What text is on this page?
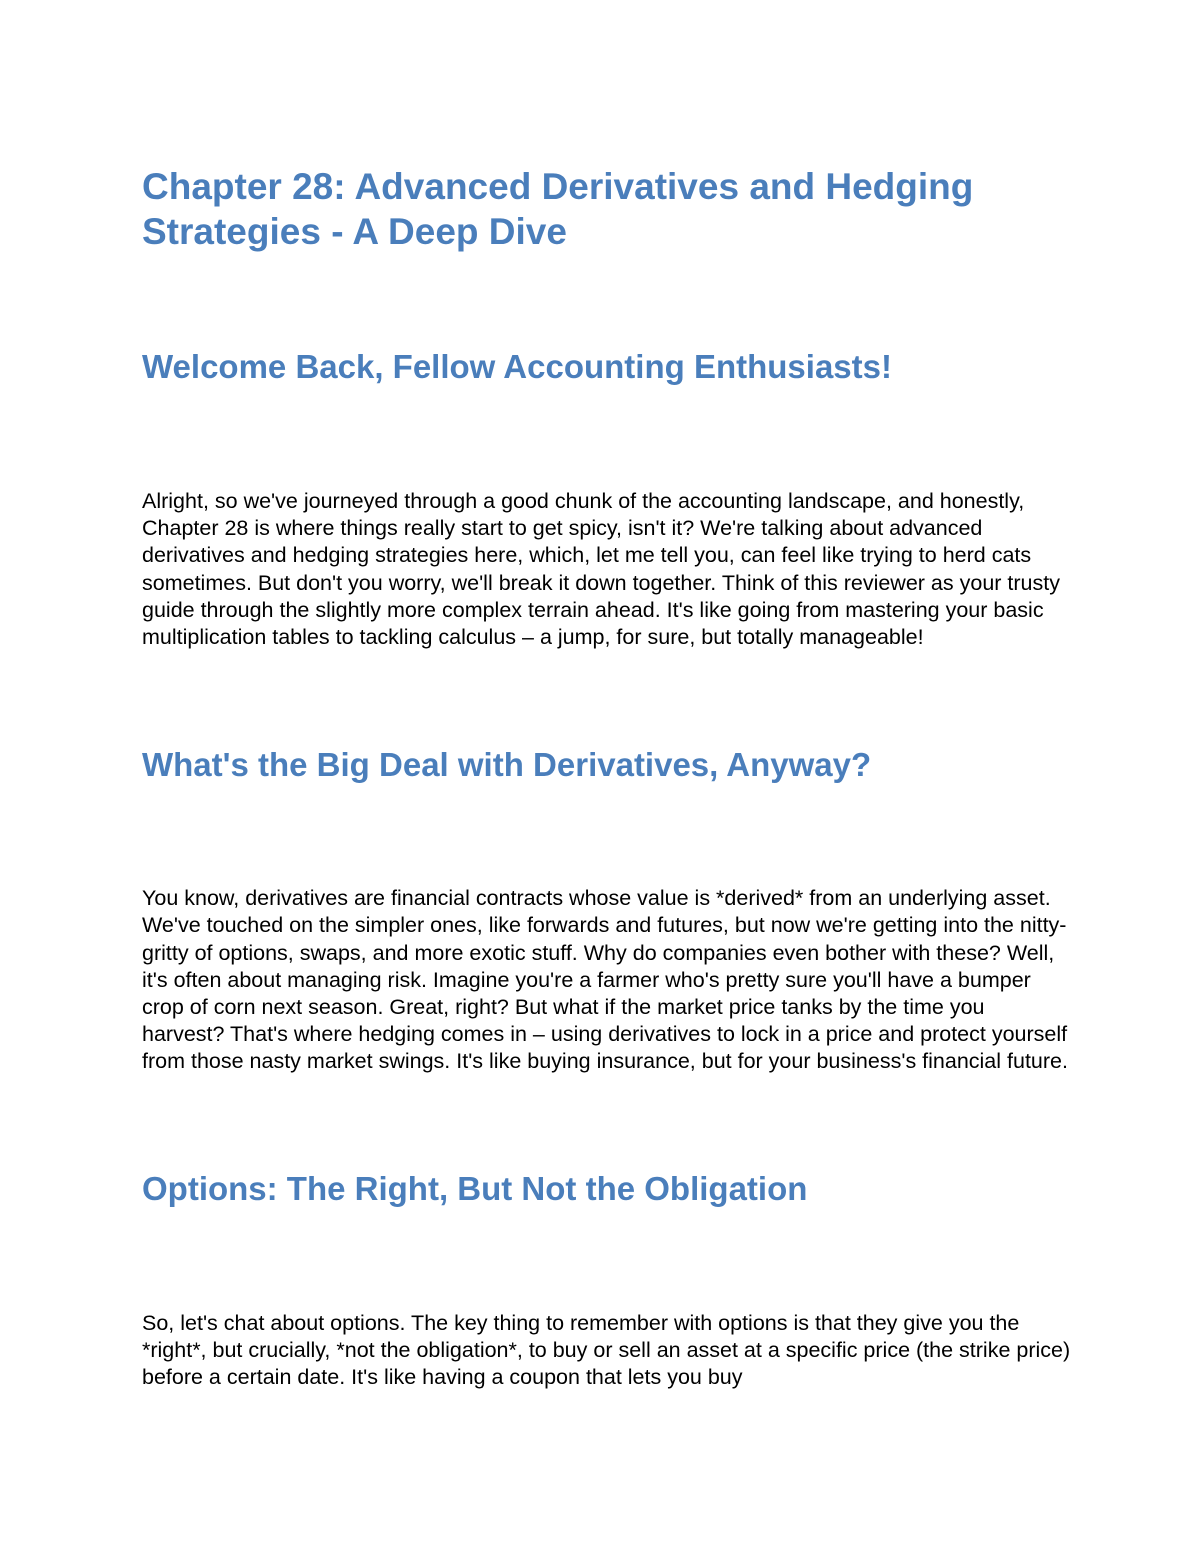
Chapter 28: Advanced Derivatives and Hedging Strategies - A Deep Dive
Welcome Back, Fellow Accounting Enthusiasts!

Alright, so we've journeyed through a good chunk of the accounting landscape, and honestly, Chapter 28 is where things really start to get spicy, isn't it? We're talking about advanced derivatives and hedging strategies here, which, let me tell you, can feel like trying to herd cats sometimes. But don't you worry, we'll break it down together. Think of this reviewer as your trusty guide through the slightly more complex terrain ahead. It's like going from mastering your basic multiplication tables to tackling calculus – a jump, for sure, but totally manageable!

What's the Big Deal with Derivatives, Anyway?

You know, derivatives are financial contracts whose value is *derived* from an underlying asset. We've touched on the simpler ones, like forwards and futures, but now we're getting into the nitty-gritty of options, swaps, and more exotic stuff. Why do companies even bother with these? Well, it's often about managing risk. Imagine you're a farmer who's pretty sure you'll have a bumper crop of corn next season. Great, right? But what if the market price tanks by the time you harvest? That's where hedging comes in – using derivatives to lock in a price and protect yourself from those nasty market swings. It's like buying insurance, but for your business's financial future.

Options: The Right, But Not the Obligation

So, let's chat about options. The key thing to remember with options is that they give you the *right*, but crucially, *not the obligation*, to buy or sell an asset at a specific price (the strike price) before a certain date. It's like having a coupon that lets you buy
